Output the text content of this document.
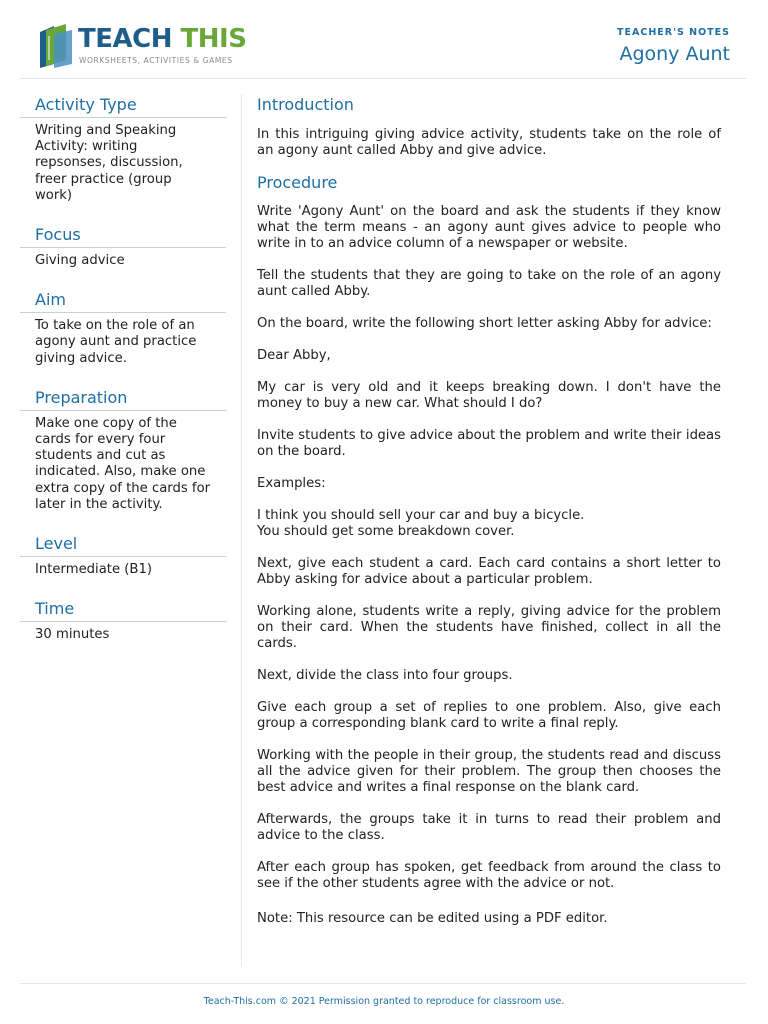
TEACH THIS
WORKSHEETS, ACTIVITIES & GAMES
TEACHER'S NOTES
Agony Aunt
Activity Type
Writing and Speaking Activity: writing repsonses, discussion, freer practice (group work)
Focus
Giving advice
Aim
To take on the role of an agony aunt and practice giving advice.
Preparation
Make one copy of the cards for every four students and cut as indicated. Also, make one extra copy of the cards for later in the activity.
Level
Intermediate (B1)
Time
30 minutes
Introduction

In this intriguing giving advice activity, students take on the role of an agony aunt called Abby and give advice.

Procedure

Write 'Agony Aunt' on the board and ask the students if they know what the term means - an agony aunt gives advice to people who write in to an advice column of a newspaper or website.

Tell the students that they are going to take on the role of an agony aunt called Abby.

On the board, write the following short letter asking Abby for advice:

Dear Abby,

My car is very old and it keeps breaking down. I don't have the money to buy a new car. What should I do?

Invite students to give advice about the problem and write their ideas on the board.

Examples:

I think you should sell your car and buy a bicycle.
You should get some breakdown cover.

Next, give each student a card. Each card contains a short letter to Abby asking for advice about a particular problem.

Working alone, students write a reply, giving advice for the problem on their card. When the students have finished, collect in all the cards.

Next, divide the class into four groups.

Give each group a set of replies to one problem. Also, give each group a corresponding blank card to write a final reply.

Working with the people in their group, the students read and discuss all the advice given for their problem. The group then chooses the best advice and writes a final response on the blank card.

Afterwards, the groups take it in turns to read their problem and advice to the class.

After each group has spoken, get feedback from around the class to see if the other students agree with the advice or not.

Note: This resource can be edited using a PDF editor.

Teach-This.com © 2021 Permission granted to reproduce for classroom use.
